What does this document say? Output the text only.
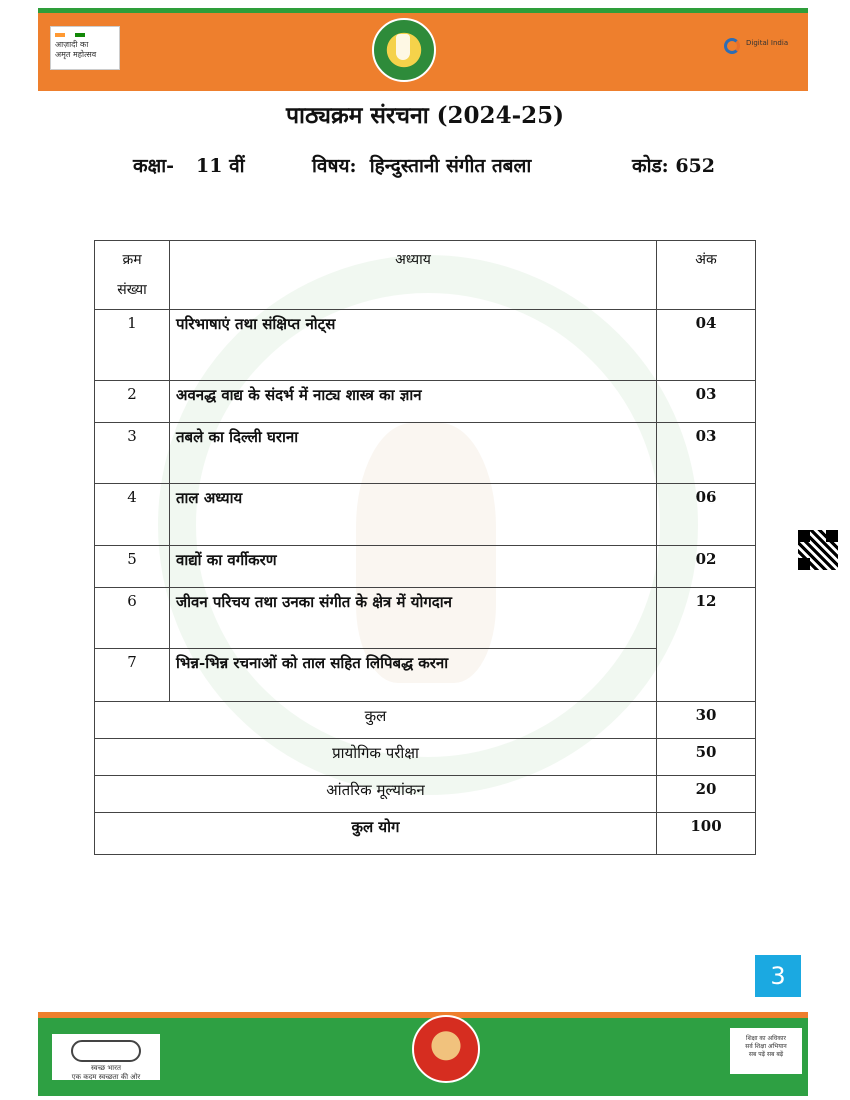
आज़ादी का
अमृत महोत्सव
Digital India
पाठ्यक्रम संरचना (2024-25)
कक्षा- 11 वीं	विषय: हिन्दुस्तानी संगीत तबला	कोड: 652
क्रम
संख्या	अध्याय	अंक
1	परिभाषाएं तथा संक्षिप्त नोट्स	04
2	अवनद्ध वाद्य के संदर्भ में नाट्य शास्त्र का ज्ञान	03
3	तबले का दिल्ली घराना	03
4	ताल अध्याय	06
5	वाद्यों का वर्गीकरण	02
6	जीवन परिचय तथा उनका संगीत के क्षेत्र में योगदान	12
7	भिन्न-भिन्न रचनाओं को ताल सहित लिपिबद्ध करना	
कुल		30
प्रायोगिक परीक्षा		50
आंतरिक मूल्यांकन		20
कुल योग		100
3
स्वच्छ भारत
एक कदम स्वच्छता की ओर
शिक्षा का अधिकार
सर्व शिक्षा अभियान
सब पढ़ें सब बढ़ें
